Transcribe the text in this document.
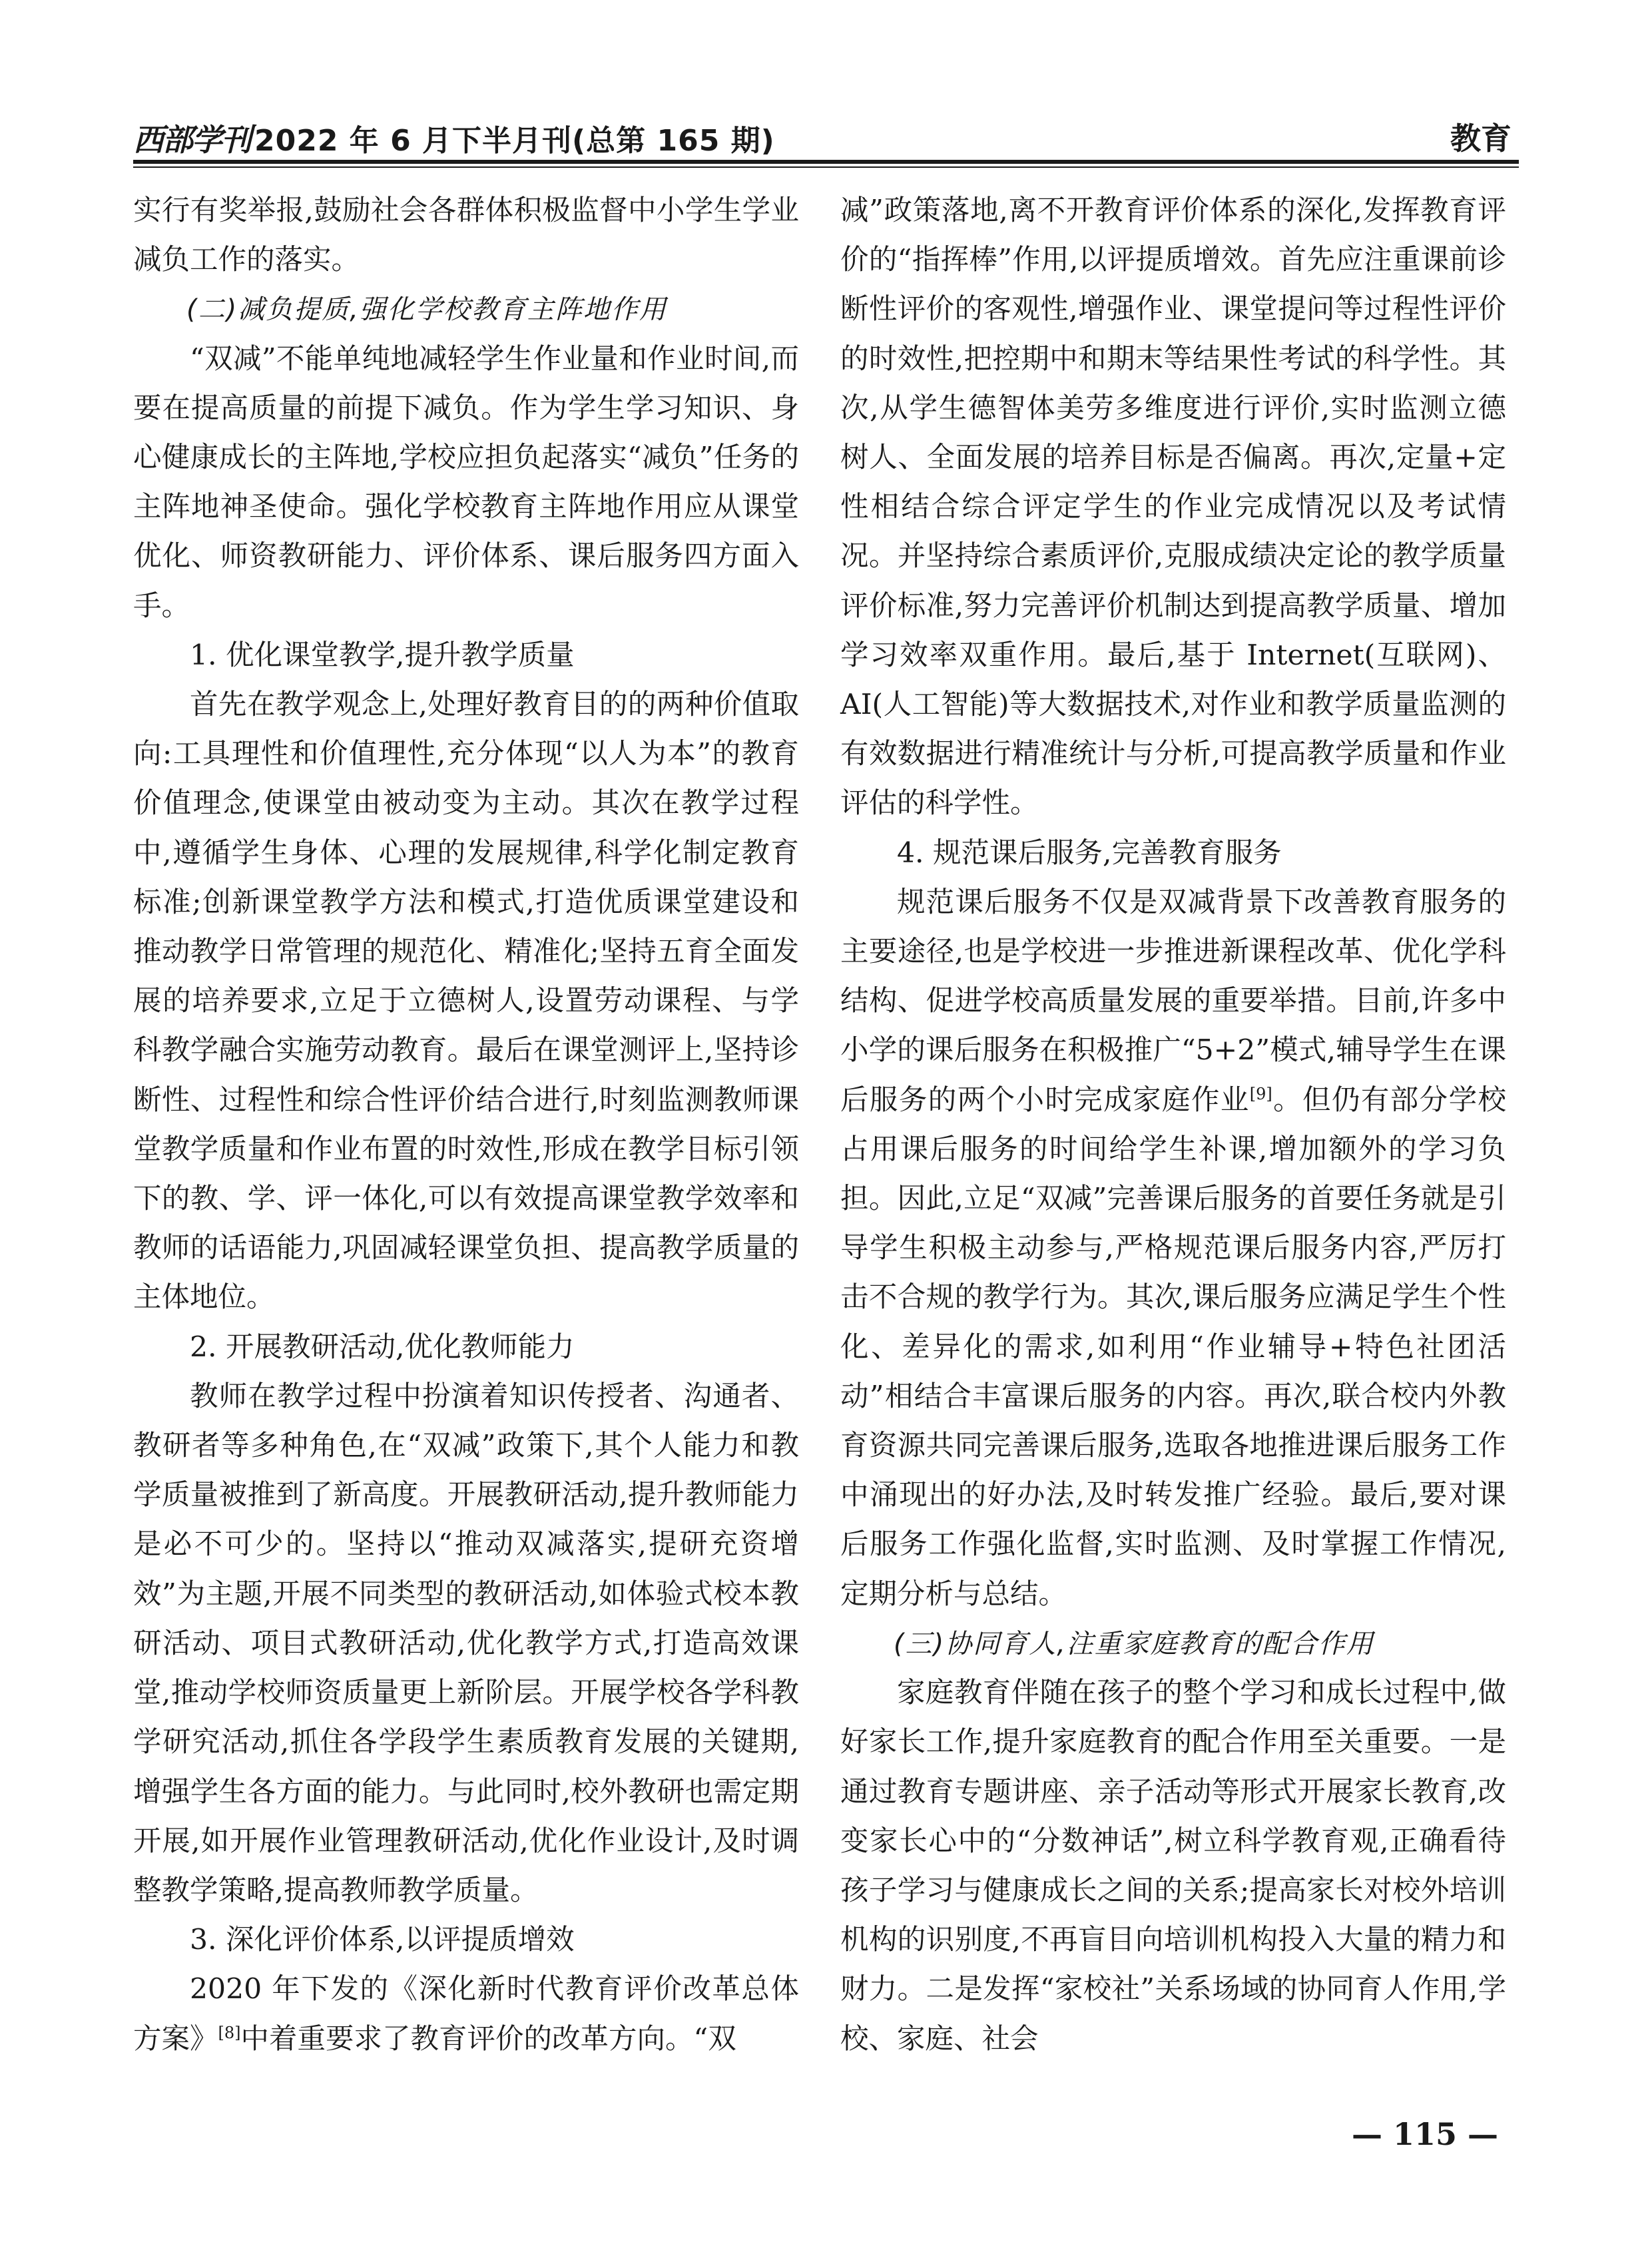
西部学刊 2022 年 6 月下半月刊(总第 165 期)	教育

实行有奖举报,鼓励社会各群体积极监督中小学生学业减负工作的落实。

(二)减负提质,强化学校教育主阵地作用

“双减”不能单纯地减轻学生作业量和作业时间,而要在提高质量的前提下减负。作为学生学习知识、身心健康成长的主阵地,学校应担负起落实“减负”任务的主阵地神圣使命。强化学校教育主阵地作用应从课堂优化、师资教研能力、评价体系、课后服务四方面入手。

1. 优化课堂教学,提升教学质量

首先在教学观念上,处理好教育目的的两种价值取向:工具理性和价值理性,充分体现“以人为本”的教育价值理念,使课堂由被动变为主动。其次在教学过程中,遵循学生身体、心理的发展规律,科学化制定教育标准;创新课堂教学方法和模式,打造优质课堂建设和推动教学日常管理的规范化、精准化;坚持五育全面发展的培养要求,立足于立德树人,设置劳动课程、与学科教学融合实施劳动教育。最后在课堂测评上,坚持诊断性、过程性和综合性评价结合进行,时刻监测教师课堂教学质量和作业布置的时效性,形成在教学目标引领下的教、学、评一体化,可以有效提高课堂教学效率和教师的话语能力,巩固减轻课堂负担、提高教学质量的主体地位。

2. 开展教研活动,优化教师能力

教师在教学过程中扮演着知识传授者、沟通者、教研者等多种角色,在“双减”政策下,其个人能力和教学质量被推到了新高度。开展教研活动,提升教师能力是必不可少的。坚持以“推动双减落实,提研充资增效”为主题,开展不同类型的教研活动,如体验式校本教研活动、项目式教研活动,优化教学方式,打造高效课堂,推动学校师资质量更上新阶层。开展学校各学科教学研究活动,抓住各学段学生素质教育发展的关键期,增强学生各方面的能力。与此同时,校外教研也需定期开展,如开展作业管理教研活动,优化作业设计,及时调整教学策略,提高教师教学质量。

3. 深化评价体系,以评提质增效

2020 年下发的《深化新时代教育评价改革总体方案》[8]中着重要求了教育评价的改革方向。“双

减”政策落地,离不开教育评价体系的深化,发挥教育评价的“指挥棒”作用,以评提质增效。首先应注重课前诊断性评价的客观性,增强作业、课堂提问等过程性评价的时效性,把控期中和期末等结果性考试的科学性。其次,从学生德智体美劳多维度进行评价,实时监测立德树人、全面发展的培养目标是否偏离。再次,定量+定性相结合综合评定学生的作业完成情况以及考试情况。并坚持综合素质评价,克服成绩决定论的教学质量评价标准,努力完善评价机制达到提高教学质量、增加学习效率双重作用。最后,基于 Internet(互联网)、AI(人工智能)等大数据技术,对作业和教学质量监测的有效数据进行精准统计与分析,可提高教学质量和作业评估的科学性。

4. 规范课后服务,完善教育服务

规范课后服务不仅是双减背景下改善教育服务的主要途径,也是学校进一步推进新课程改革、优化学科结构、促进学校高质量发展的重要举措。目前,许多中小学的课后服务在积极推广“5+2”模式,辅导学生在课后服务的两个小时完成家庭作业[9]。但仍有部分学校占用课后服务的时间给学生补课,增加额外的学习负担。因此,立足“双减”完善课后服务的首要任务就是引导学生积极主动参与,严格规范课后服务内容,严厉打击不合规的教学行为。其次,课后服务应满足学生个性化、差异化的需求,如利用“作业辅导+特色社团活动”相结合丰富课后服务的内容。再次,联合校内外教育资源共同完善课后服务,选取各地推进课后服务工作中涌现出的好办法,及时转发推广经验。最后,要对课后服务工作强化监督,实时监测、及时掌握工作情况,定期分析与总结。

(三)协同育人,注重家庭教育的配合作用

家庭教育伴随在孩子的整个学习和成长过程中,做好家长工作,提升家庭教育的配合作用至关重要。一是通过教育专题讲座、亲子活动等形式开展家长教育,改变家长心中的“分数神话”,树立科学教育观,正确看待孩子学习与健康成长之间的关系;提高家长对校外培训机构的识别度,不再盲目向培训机构投入大量的精力和财力。二是发挥“家校社”关系场域的协同育人作用,学校、家庭、社会

— 115 —
